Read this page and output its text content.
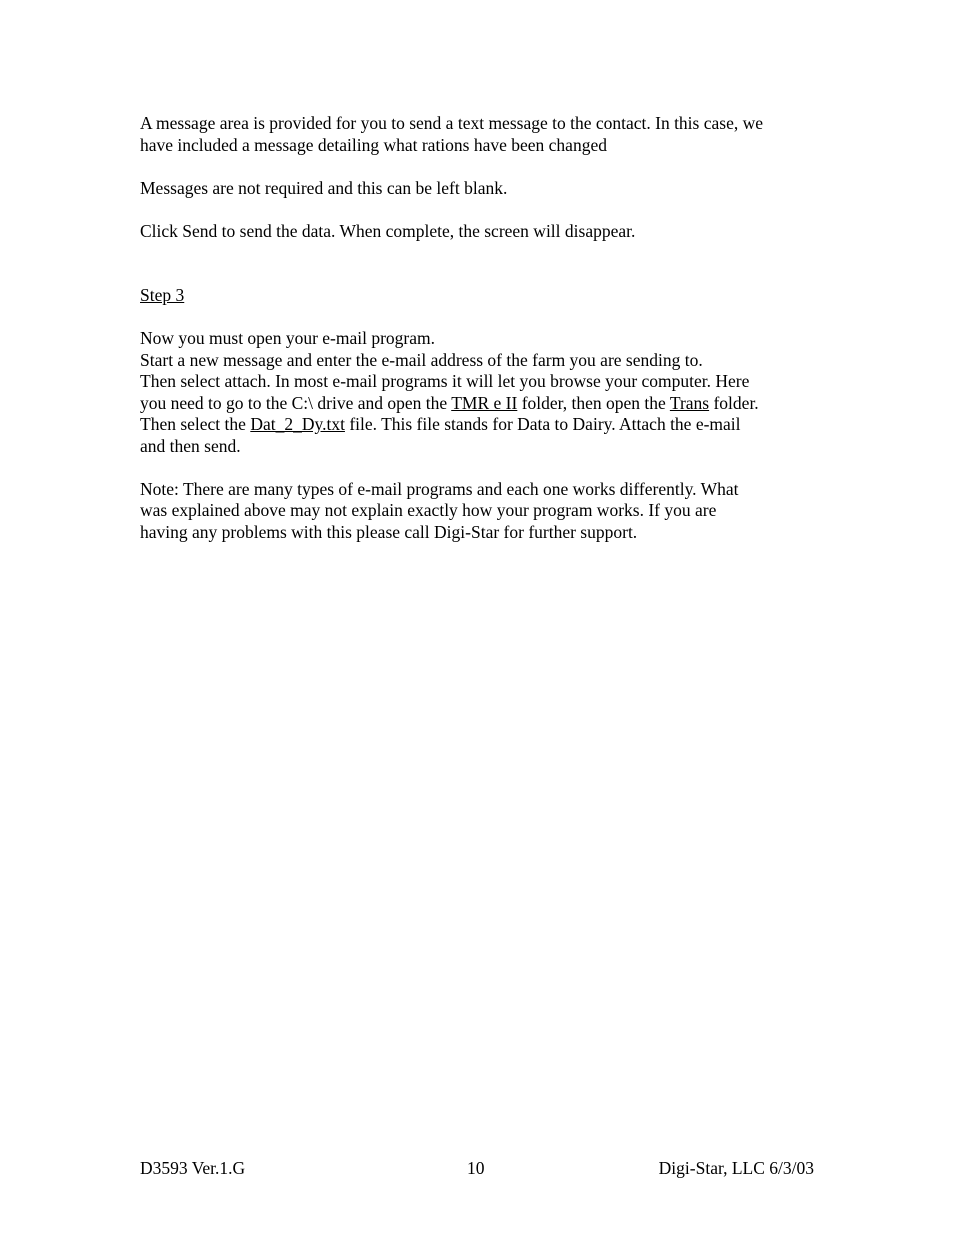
A message area is provided for you to send a text message to the contact. In this case, we
have included a message detailing what rations have been changed

Messages are not required and this can be left blank.

Click Send to send the data. When complete, the screen will disappear.

Step 3

Now you must open your e-mail program.
Start a new message and enter the e-mail address of the farm you are sending to.
Then select attach. In most e-mail programs it will let you browse your computer. Here
you need to go to the C:\ drive and open the TMR e II folder, then open the Trans folder.
Then select the Dat_2_Dy.txt file. This file stands for Data to Dairy. Attach the e-mail
and then send.

Note: There are many types of e-mail programs and each one works differently. What
was explained above may not explain exactly how your program works. If you are
having any problems with this please call Digi-Star for further support.

D3593 Ver.1.G	10	Digi-Star, LLC 6/3/03
